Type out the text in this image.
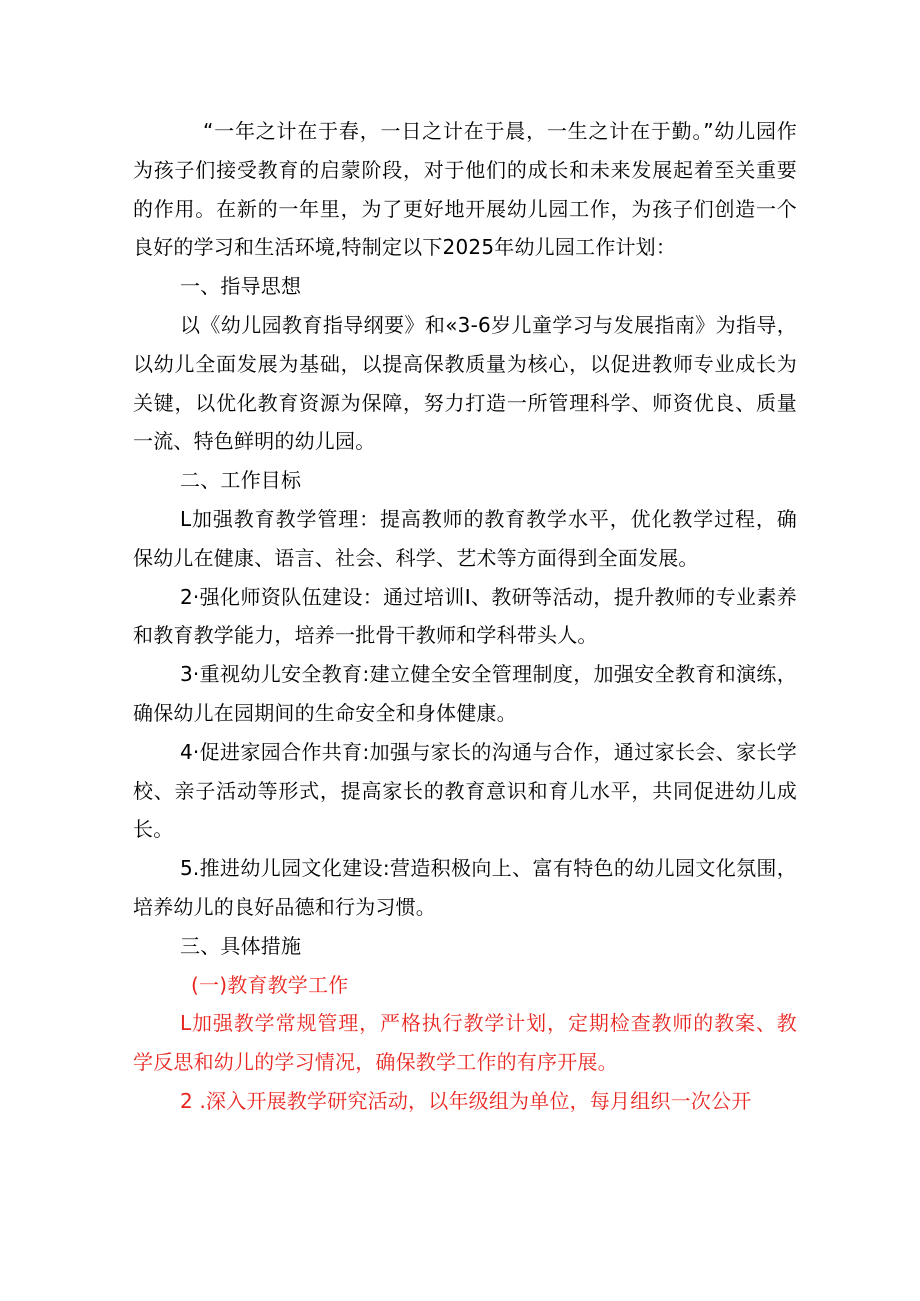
“一年之计在于春，一日之计在于晨，一生之计在于勤。”幼儿园作为孩子们接受教育的启蒙阶段，对于他们的成长和未来发展起着至关重要的作用。在新的一年里，为了更好地开展幼儿园工作，为孩子们创造一个良好的学习和生活环境,特制定以下2025年幼儿园工作计划：

一、指导思想

以《幼儿园教育指导纲要》和«3-6岁儿童学习与发展指南》为指导，以幼儿全面发展为基础，以提高保教质量为核心，以促进教师专业成长为关键，以优化教育资源为保障，努力打造一所管理科学、师资优良、质量一流、特色鲜明的幼儿园。

二、工作目标

L加强教育教学管理：提高教师的教育教学水平，优化教学过程，确保幼儿在健康、语言、社会、科学、艺术等方面得到全面发展。

2·强化师资队伍建设：通过培训I、教研等活动，提升教师的专业素养和教育教学能力，培养一批骨干教师和学科带头人。

3·重视幼儿安全教育:建立健全安全管理制度，加强安全教育和演练，确保幼儿在园期间的生命安全和身体健康。

4·促进家园合作共育:加强与家长的沟通与合作，通过家长会、家长学校、亲子活动等形式，提高家长的教育意识和育儿水平，共同促进幼儿成长。

5.推进幼儿园文化建设:营造积极向上、富有特色的幼儿园文化氛围，培养幼儿的良好品德和行为习惯。

三、具体措施

(一)教育教学工作

L加强教学常规管理，严格执行教学计划，定期检查教师的教案、教学反思和幼儿的学习情况，确保教学工作的有序开展。

2 .深入开展教学研究活动，以年级组为单位，每月组织一次公开
